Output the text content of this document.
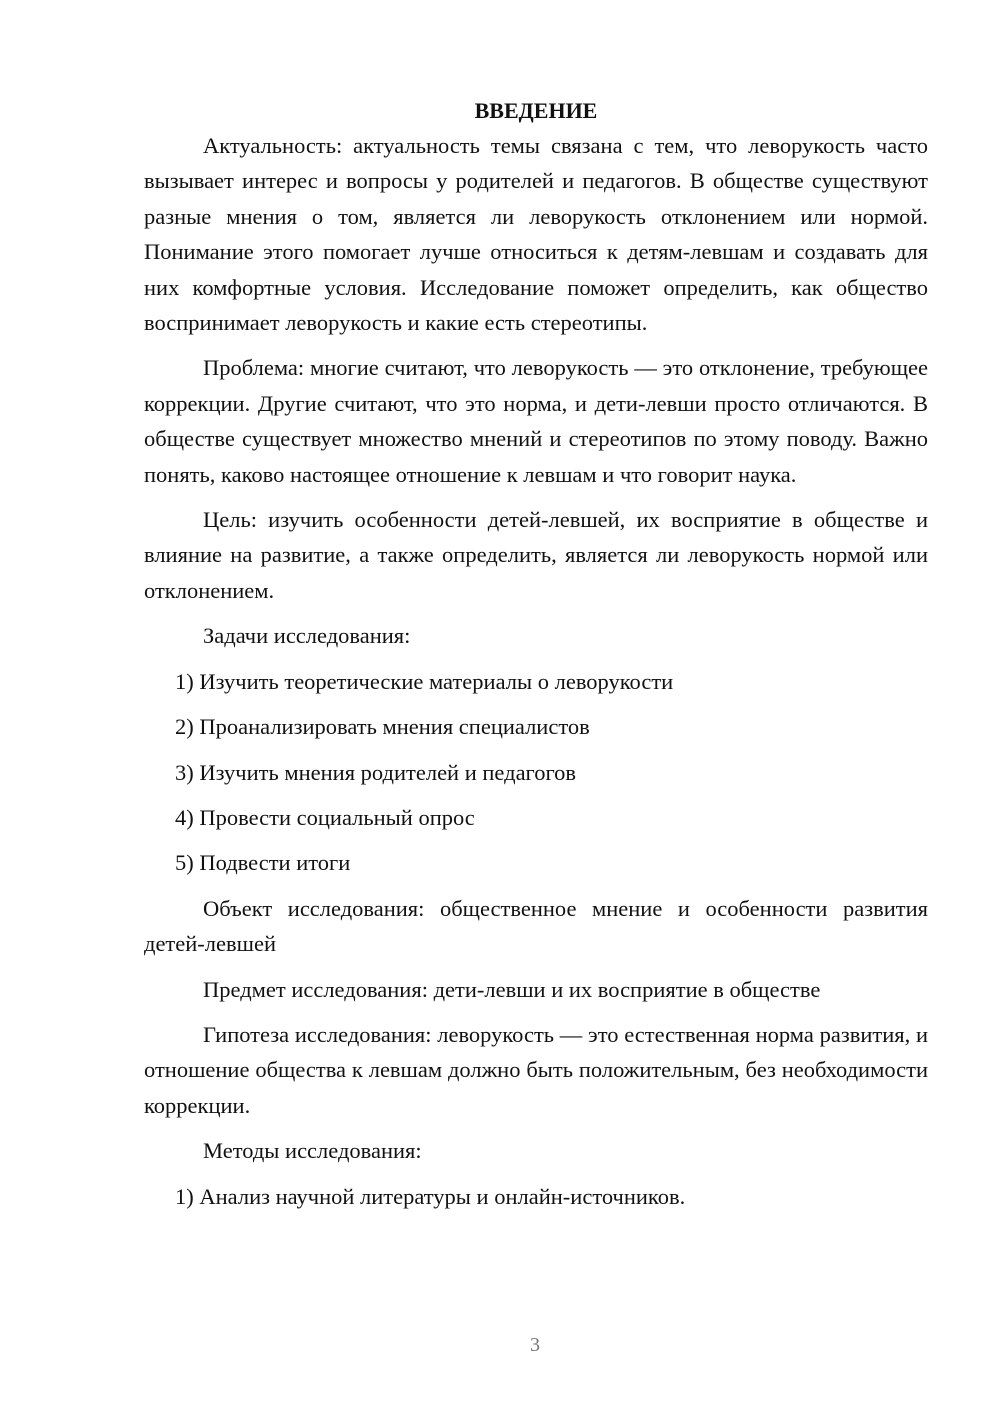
ВВЕДЕНИЕ

Актуальность: актуальность темы связана с тем, что леворукость часто вызывает интерес и вопросы у родителей и педагогов. В обществе существуют разные мнения о том, является ли леворукость отклонением или нормой. Понимание этого помогает лучше относиться к детям-левшам и создавать для них комфортные условия. Исследование поможет определить, как общество воспринимает леворукость и какие есть стереотипы.

Проблема: многие считают, что леворукость — это отклонение, требующее коррекции. Другие считают, что это норма, и дети-левши просто отличаются. В обществе существует множество мнений и стереотипов по этому поводу. Важно понять, каково настоящее отношение к левшам и что говорит наука.

Цель: изучить особенности детей-левшей, их восприятие в обществе и влияние на развитие, а также определить, является ли леворукость нормой или отклонением.

Задачи исследования:

1) Изучить теоретические материалы о леворукости

2) Проанализировать мнения специалистов

3) Изучить мнения родителей и педагогов

4) Провести социальный опрос

5) Подвести итоги

Объект исследования: общественное мнение и особенности развития детей-левшей

Предмет исследования: дети-левши и их восприятие в обществе

Гипотеза исследования: леворукость — это естественная норма развития, и отношение общества к левшам должно быть положительным, без необходимости коррекции.

Методы исследования:

1) Анализ научной литературы и онлайн-источников.

3
